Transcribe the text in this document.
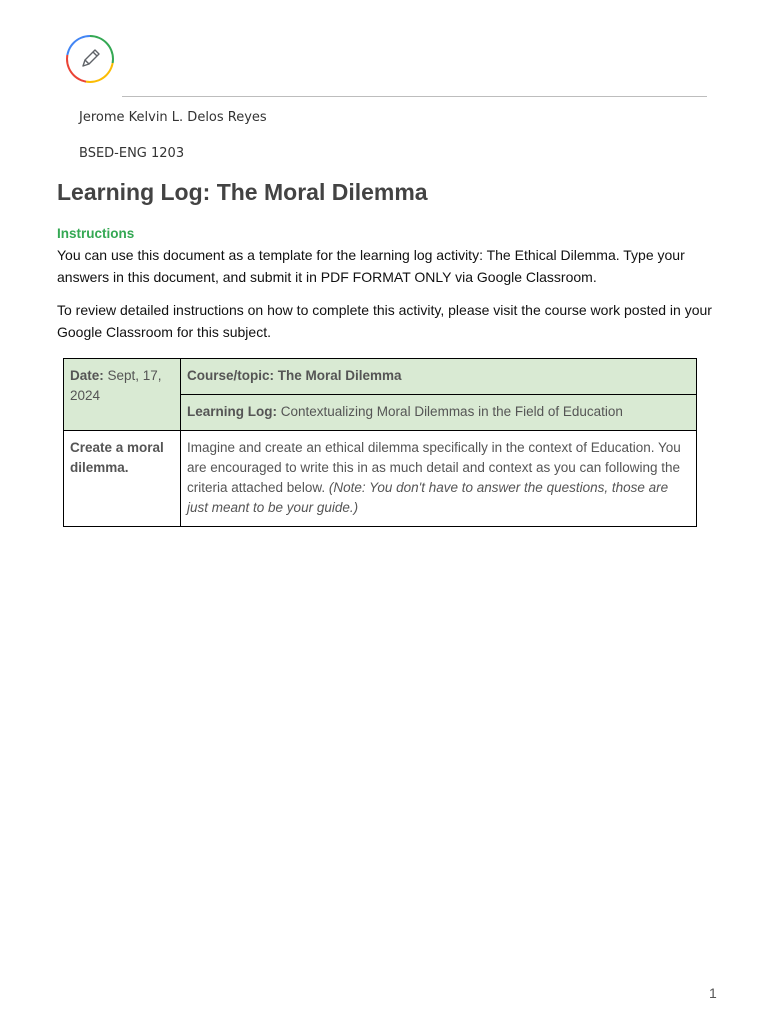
Jerome Kelvin L. Delos Reyes
BSED-ENG 1203
Learning Log: The Moral Dilemma
Instructions

You can use this document as a template for the learning log activity: The Ethical Dilemma. Type your answers in this document, and submit it in PDF FORMAT ONLY via Google Classroom.

To review detailed instructions on how to complete this activity, please visit the course work posted in your Google Classroom for this subject.

Date: Sept, 17, 2024	Course/topic: The Moral Dilemma
	Learning Log: Contextualizing Moral Dilemmas in the Field of Education
Create a moral dilemma.	Imagine and create an ethical dilemma specifically in the context of Education. You are encouraged to write this in as much detail and context as you can following the criteria attached below. (Note: You don't have to answer the questions, those are just meant to be your guide.)
1
